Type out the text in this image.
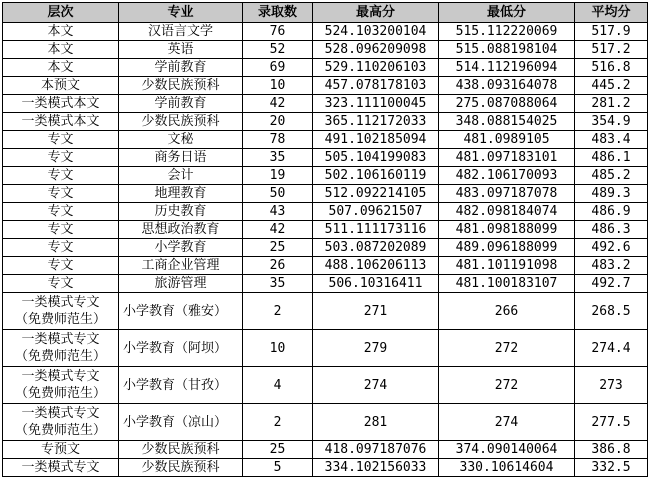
层次	专业	录取数	最高分	最低分	平均分
本文	汉语言文学	76	524.103200104	515.112220069	517.9
本文	英语	52	528.096209098	515.088198104	517.2
本文	学前教育	69	529.110206103	514.112196094	516.8
本预文	少数民族预科	10	457.078178103	438.093164078	445.2
一类模式本文	学前教育	42	323.111100045	275.087088064	281.2
一类模式本文	少数民族预科	20	365.112172033	348.088154025	354.9
专文	文秘	78	491.102185094	481.0989105	483.4
专文	商务日语	35	505.104199083	481.097183101	486.1
专文	会计	19	502.106160119	482.106170093	485.2
专文	地理教育	50	512.092214105	483.097187078	489.3
专文	历史教育	43	507.09621507	482.098184074	486.9
专文	思想政治教育	42	511.111173116	481.098188099	486.3
专文	小学教育	25	503.087202089	489.096188099	492.6
专文	工商企业管理	26	488.106206113	481.101191098	483.2
专文	旅游管理	35	506.10316411	481.100183107	492.7
一类模式专文
（免费师范生）	小学教育（雅安）	2	271	266	268.5
一类模式专文
（免费师范生）	小学教育（阿坝）	10	279	272	274.4
一类模式专文
（免费师范生）	小学教育（甘孜）	4	274	272	273
一类模式专文
（免费师范生）	小学教育（凉山）	2	281	274	277.5
专预文	少数民族预科	25	418.097187076	374.090140064	386.8
一类模式专文	少数民族预科	5	334.102156033	330.10614604	332.5
